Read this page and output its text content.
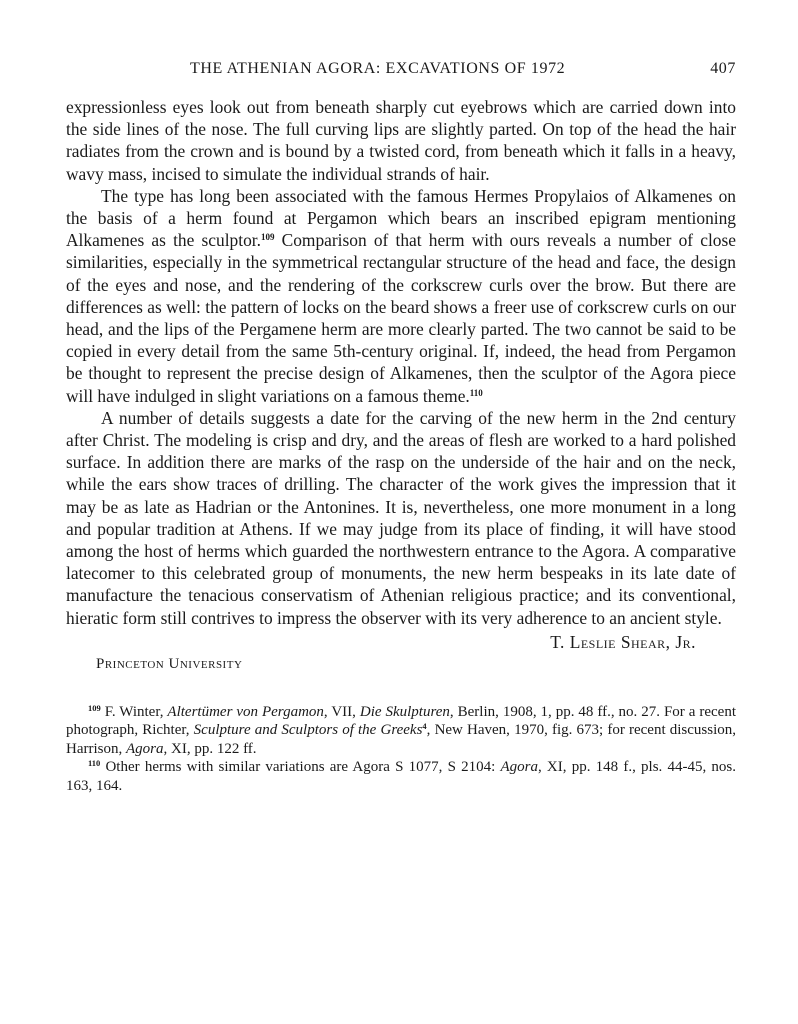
THE ATHENIAN AGORA: EXCAVATIONS OF 1972	407

expressionless eyes look out from beneath sharply cut eyebrows which are carried down into the side lines of the nose. The full curving lips are slightly parted. On top of the head the hair radiates from the crown and is bound by a twisted cord, from beneath which it falls in a heavy, wavy mass, incised to simulate the individual strands of hair.

The type has long been associated with the famous Hermes Propylaios of Alkamenes on the basis of a herm found at Pergamon which bears an inscribed epigram mentioning Alkamenes as the sculptor.$^{109}$ Comparison of that herm with ours reveals a number of close similarities, especially in the symmetrical rectangular structure of the head and face, the design of the eyes and nose, and the rendering of the corkscrew curls over the brow. But there are differences as well: the pattern of locks on the beard shows a freer use of corkscrew curls on our head, and the lips of the Pergamene herm are more clearly parted. The two cannot be said to be copied in every detail from the same 5th-century original. If, indeed, the head from Pergamon be thought to represent the precise design of Alkamenes, then the sculptor of the Agora piece will have indulged in slight variations on a famous theme.$^{110}$

A number of details suggests a date for the carving of the new herm in the 2nd century after Christ. The modeling is crisp and dry, and the areas of flesh are worked to a hard polished surface. In addition there are marks of the rasp on the underside of the hair and on the neck, while the ears show traces of drilling. The character of the work gives the impression that it may be as late as Hadrian or the Antonines. It is, nevertheless, one more monument in a long and popular tradition at Athens. If we may judge from its place of finding, it will have stood among the host of herms which guarded the northwestern entrance to the Agora. A comparative latecomer to this celebrated group of monuments, the new herm bespeaks in its late date of manufacture the tenacious conservatism of Athenian religious practice; and its conventional, hieratic form still contrives to impress the observer with its very adherence to an ancient style.

T. Leslie Shear, Jr.
Princeton University

$^{109}$ F. Winter, Altertümer von Pergamon, VII, Die Skulpturen, Berlin, 1908, 1, pp. 48 ff., no. 27. For a recent photograph, Richter, Sculpture and Sculptors of the Greeks$^4$, New Haven, 1970, fig. 673; for recent discussion, Harrison, Agora, XI, pp. 122 ff.

$^{110}$ Other herms with similar variations are Agora S 1077, S 2104: Agora, XI, pp. 148 f., pls. 44-45, nos. 163, 164.
